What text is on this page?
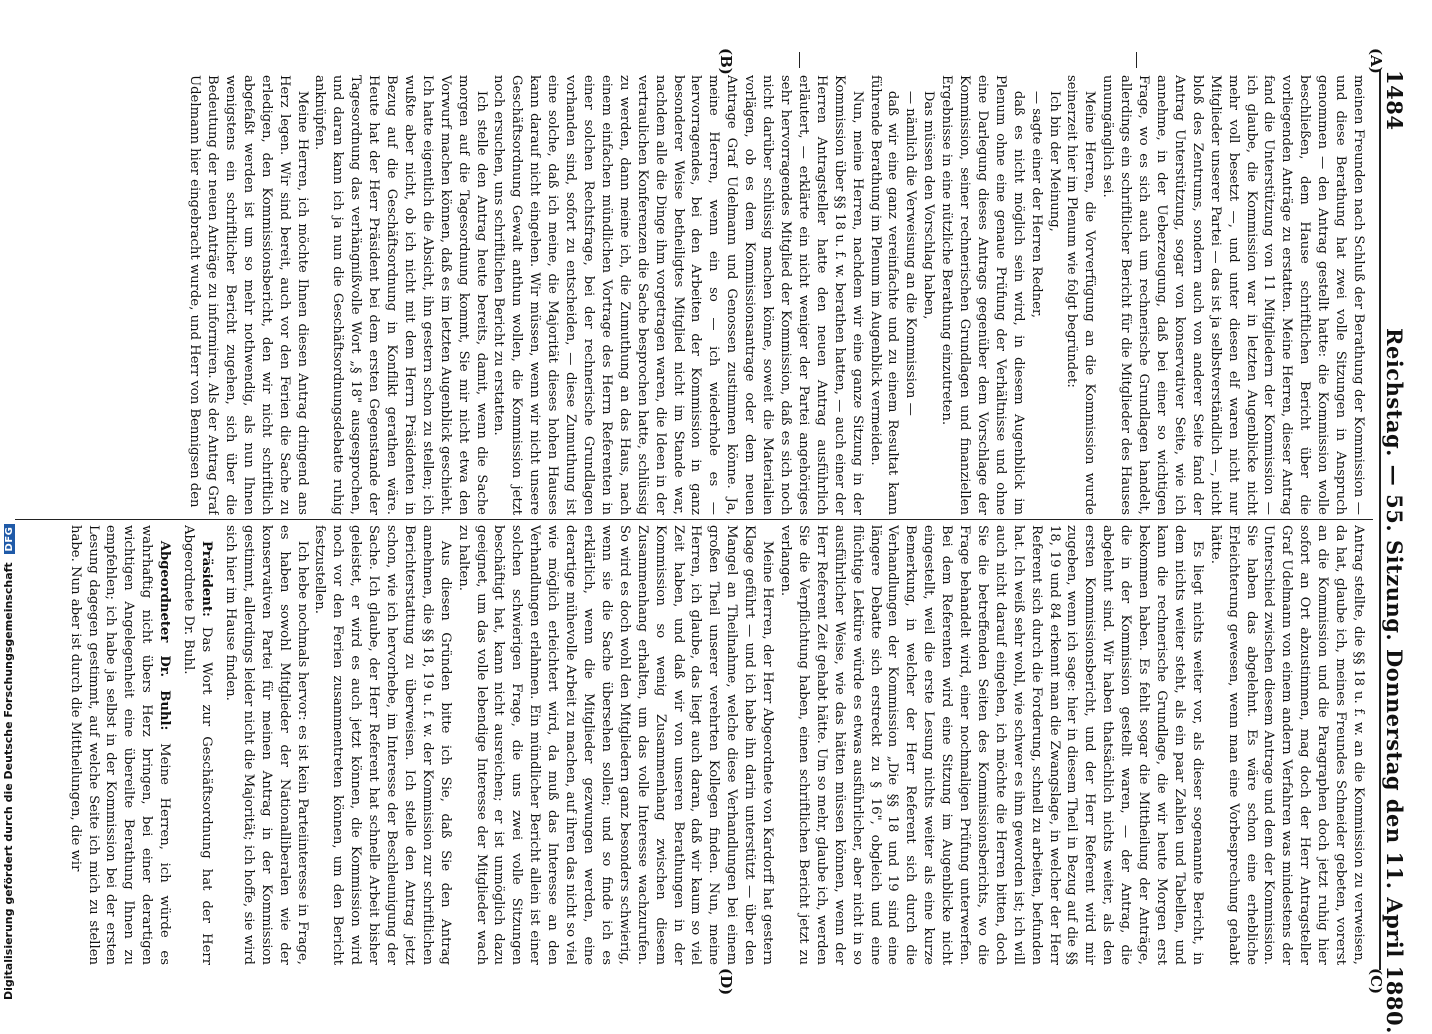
1484
Reichstag. — 55. Sitzung. Donnerstag den 11. April 1880.
(A)
(B)
(C)
(D)

meinen Freunden nach Schluß der Berathung der Kommission — und diese Berathung hat zwei volle Sitzungen in Anspruch genommen — den Antrag gestellt hatte: die Kommission wolle beschließen, dem Hause schriftlichen Bericht über die vorliegenden Anträge zu erstatten. Meine Herren, dieser Antrag fand die Unterstützung von 11 Mitgliedern der Kommission — ich glaube, die Kommission war in letzten Augenblicke nicht mehr voll besetzt —, und unter diesen elf waren nicht nur Mitglieder unserer Partei — das ist ja selbstverständlich —, nicht bloß des Zentrums, sondern auch von anderer Seite fand der Antrag Unterstützung, sogar von konservativer Seite, wie ich annehme, in der Ueberzeugung, daß bei einer so wichtigen Frage, wo es sich auch um rechnerische Grundlagen handelt, allerdings ein schriftlicher Bericht für die Mitglieder des Hauses unumgänglich sei.

Meine Herren, die Vorverfügung an die Kommission wurde seinerzeit hier im Plenum wie folgt begründet:

Ich bin der Meinung,

— sagte einer der Herren Redner,

daß es nicht möglich sein wird, in diesem Augenblick im Plenum ohne eine genaue Prüfung der Verhältnisse und ohne eine Darlegung dieses Antrags gegenüber dem Vorschlage der Kommission, seiner rechnerischen Grundlagen und finanziellen Ergebnisse in eine nützliche Berathung einzutreten.

Das müssen den Vorschlag haben,

— nämlich die Verweisung an die Kommission —

daß wir eine ganz vereinfachte und zu einem Resultat kann führende Berathung im Plenum im Augenblick vermeiden.

Nun, meine Herren, nachdem wir eine ganze Sitzung in der Kommission über §§ 18 u. f. w. berathen hatten, — auch einer der Herren Antragsteller hatte den neuen Antrag ausführlich erläutert, — erklärte ein nicht weniger der Partei angehöriges sehr hervorragendes Mitglied der Kommission, daß es sich noch nicht darüber schlüssig machen könne, soweit die Materialien vorlägen, ob es dem Kommissionsantrage oder dem neuen Antrage Graf Udelmann und Genossen zustimmen könne. Ja, meine Herren, wenn ein so — ich wiederhole es — hervorragendes, bei den Arbeiten der Kommission in ganz besonderer Weise betheiligtes Mitglied nicht im Stande war, nachdem alle die Dinge ihm vorgetragen waren, die Ideen in der vertraulichen Konferenzen die Sache besprochen hatte, schlüssig zu werden, dann meine ich, die Zumuthung an das Haus, nach einem einfachen mündlichen Vortrage des Herrn Referenten in einer solchen Rechtsfrage, bei der rechnerische Grundlagen vorhanden sind, sofort zu entscheiden, — diese Zumuthung ist eine solche, daß ich meine, die Majorität dieses hohen Hauses kann darauf nicht eingehen. Wir müssen, wenn wir nicht unsere Geschäftsordnung Gewalt anthun wollen, die Kommission jetzt noch ersuchen, uns schriftlichen Bericht zu erstatten.

Ich stelle den Antrag heute bereits, damit, wenn die Sache morgen auf die Tagesordnung kommt, Sie mir nicht etwa den Vorwurf machen können, daß es im letzten Augenblick geschieht. Ich hatte eigentlich die Absicht, ihn gestern schon zu stellen; ich wußte aber nicht, ob ich nicht mit dem Herrn Präsidenten in Bezug auf die Geschäftsordnung in Konflikt gerathen wäre. Heute hat der Herr Präsident bei dem ersten Gegenstande der Tagesordnung das verhängnißvolle Wort „§ 18" ausgesprochen, und daran kann ich ja nun die Geschäftsordnungsdebatte ruhig anknüpfen.

Meine Herren, ich möchte Ihnen diesen Antrag dringend ans Herz legen. Wir sind bereit, auch vor den Ferien die Sache zu erledigen, den Kommissionsbericht, den wir nicht schriftlich abgefaßt werden ist um so mehr nothwendig, als nun Ihnen wenigstens ein schriftlicher Bericht zugehen, sich über die Bedeutung der neuen Anträge zu informiren. Als der Antrag Graf Udelmann hier eingebracht wurde, und Herr von Bennigsen den

Antrag stellte, die §§ 18 u. f. w. an die Kommission zu verweisen, da hat, glaube ich, meines Freundes Schneider gebeten, vorerst an die Kommission und die Paragraphen doch jetzt ruhig hier sofort an Ort abzustimmen, mag doch der Herr Antragsteller Graf Udelmann von einem andern Verfahren was mindestens der Unterschied zwischen diesem Antrage und dem der Kommission. Sie haben das abgelehnt. Es wäre schon eine erhebliche Erleichterung gewesen, wenn man eine Vorbesprechung gehabt hätte.

Es liegt nichts weiter vor, als dieser sogenannte Bericht, in dem nichts weiter steht, als ein paar Zahlen und Tabellen, und kann die rechnerische Grundlage, die wir heute Morgen erst bekommen haben. Es fehlt sogar die Mittheilung der Anträge, die in der Kommission gestellt waren, — der Antrag, die abgelehnt sind. Wir haben thatsächlich nichts weiter, als den ersten Kommissionsbericht, und der Herr Referent wird mir zugeben, wenn ich sage: hier in diesem Theil in Bezug auf die §§ 18, 19 und 84 erkennt man die Zwangslage, in welcher der Herr Referent sich durch die Forderung, schnell zu arbeiten, befunden hat. Ich weiß sehr wohl, wie schwer es ihm geworden ist; ich will auch nicht darauf eingehen, ich möchte die Herren bitten, doch Sie die betreffenden Seiten des Kommissionsberichts, wo die Frage behandelt wird, einer nochmaligen Prüfung unterwerfen. Bei dem Referenten wird eine Sitzung im Augenblicke nicht eingestellt, weil die erste Lesung nichts weiter als eine kurze Bemerkung, in welcher der Herr Referent sich durch die Verhandlungen der Kommission „Die §§ 18 und 19 sind eine längere Debatte sich erstreckt zu § 16", obgleich und eine flüchtige Lektüre würde es etwas ausführlicher, aber nicht in so ausführlicher Weise, wie das hätten müssen können, wenn der Herr Referent Zeit gehabt hätte. Um so mehr, glaube ich, werden Sie die Verpflichtung haben, einen schriftlichen Bericht jetzt zu verlangen.

Meine Herren, der Herr Abgeordnete von Kardorff hat gestern Klage geführt — und ich habe ihn darin unterstützt — über den Mangel an Theilnahme, welche diese Verhandlungen bei einem großen Theil unserer verehrten Kollegen finden. Nun, meine Herren, ich glaube, das liegt auch daran, daß wir kaum so viel Zeit haben, und daß wir von unseren Berathungen in der Kommission so wenig Zusammenhang zwischen diesem Zusammenhang erhalten, um das volle Interesse wachzurufen. So wird es doch wohl den Mitgliedern ganz besonders schwierig, wenn sie die Sache übersehen sollen; und so finde ich es erklärlich, wenn die Mitglieder gezwungen werden, eine derartige mühevolle Arbeit zu machen, auf ihren das nicht so viel wie möglich erleichtert wird, da muß das Interesse an den Verhandlungen erlahmen. Ein mündlicher Bericht allein ist einer solchen schwierigen Frage, die uns zwei volle Sitzungen beschäftigt hat, kann nicht ausreichen; er ist unmöglich dazu geeignet, um das volle lebendige Interesse der Mitglieder wach zu halten.

Aus diesen Gründen bitte ich Sie, daß Sie den Antrag annehmen, die §§ 18, 19 u. f. w. der Kommission zur schriftlichen Berichterstattung zu überweisen. Ich stelle den Antrag jetzt schon, wie ich hervorhebe, im Interesse der Beschleunigung der Sache. Ich glaube, der Herr Referent hat schnelle Arbeit bisher geleistet, er wird es auch jetzt können, die Kommission wird noch vor den Ferien zusammentreten können, um den Bericht festzustellen.

Ich hebe nochmals hervor: es ist kein Parteiinteresse in Frage, es haben sowohl Mitglieder der Nationalliberalen wie der konservativen Partei für meinen Antrag in der Kommission gestimmt, allerdings leider nicht die Majorität; ich hoffe, sie wird sich hier im Hause finden.

Präsident: Das Wort zur Geschäftsordnung hat der Herr Abgeordnete Dr. Buhl.

Abgeordneter Dr. Buhl: Meine Herren, ich würde es wahrhaftig nicht übers Herz bringen, bei einer derartigen wichtigen Angelegenheit eine übereilte Berathung Ihnen zu empfehlen; ich habe ja selbst in der Kommission bei der ersten Lesung dagegen gestimmt, auf welche Seite ich mich zu stellen habe. Nun aber ist durch die Mittheilungen, die wir

Digitalisierung gefördert durch die Deutsche Forschungsgemeinschaft DFG
